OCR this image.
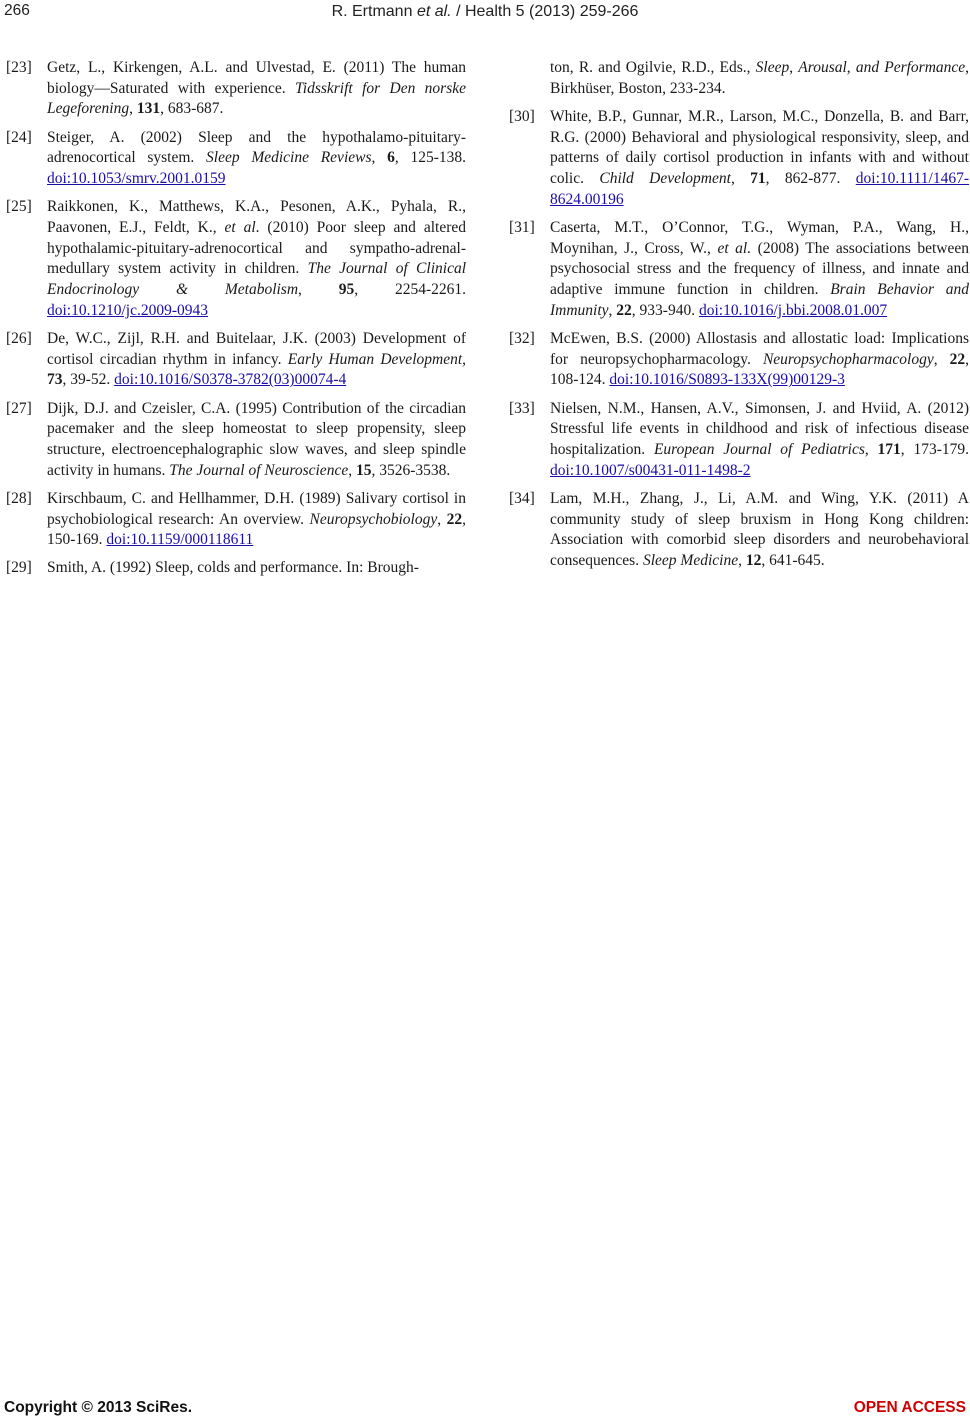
266	R. Ertmann et al. / Health 5 (2013) 259-266
[23] Getz, L., Kirkengen, A.L. and Ulvestad, E. (2011) The human biology—Saturated with experience. Tidsskrift for Den norske Legeforening, 131, 683-687.
[24] Steiger, A. (2002) Sleep and the hypothalamo-pituitary-adrenocortical system. Sleep Medicine Reviews, 6, 125-138. doi:10.1053/smrv.2001.0159
[25] Raikkonen, K., Matthews, K.A., Pesonen, A.K., Pyhala, R., Paavonen, E.J., Feldt, K., et al. (2010) Poor sleep and altered hypothalamic-pituitary-adrenocortical and sympatho-adrenal-medullary system activity in children. The Journal of Clinical Endocrinology & Metabolism, 95, 2254-2261. doi:10.1210/jc.2009-0943
[26] De, W.C., Zijl, R.H. and Buitelaar, J.K. (2003) Development of cortisol circadian rhythm in infancy. Early Human Development, 73, 39-52. doi:10.1016/S0378-3782(03)00074-4
[27] Dijk, D.J. and Czeisler, C.A. (1995) Contribution of the circadian pacemaker and the sleep homeostat to sleep propensity, sleep structure, electroencephalographic slow waves, and sleep spindle activity in humans. The Journal of Neuroscience, 15, 3526-3538.
[28] Kirschbaum, C. and Hellhammer, D.H. (1989) Salivary cortisol in psychobiological research: An overview. Neuropsychobiology, 22, 150-169. doi:10.1159/000118611
[29] Smith, A. (1992) Sleep, colds and performance. In: Brough-
ton, R. and Ogilvie, R.D., Eds., Sleep, Arousal, and Performance, Birkhüser, Boston, 233-234.
[30] White, B.P., Gunnar, M.R., Larson, M.C., Donzella, B. and Barr, R.G. (2000) Behavioral and physiological responsivity, sleep, and patterns of daily cortisol production in infants with and without colic. Child Development, 71, 862-877. doi:10.1111/1467-8624.00196
[31] Caserta, M.T., O’Connor, T.G., Wyman, P.A., Wang, H., Moynihan, J., Cross, W., et al. (2008) The associations between psychosocial stress and the frequency of illness, and innate and adaptive immune function in children. Brain Behavior and Immunity, 22, 933-940. doi:10.1016/j.bbi.2008.01.007
[32] McEwen, B.S. (2000) Allostasis and allostatic load: Implications for neuropsychopharmacology. Neuropsychopharmacology, 22, 108-124. doi:10.1016/S0893-133X(99)00129-3
[33] Nielsen, N.M., Hansen, A.V., Simonsen, J. and Hviid, A. (2012) Stressful life events in childhood and risk of infectious disease hospitalization. European Journal of Pediatrics, 171, 173-179. doi:10.1007/s00431-011-1498-2
[34] Lam, M.H., Zhang, J., Li, A.M. and Wing, Y.K. (2011) A community study of sleep bruxism in Hong Kong children: Association with comorbid sleep disorders and neurobehavioral consequences. Sleep Medicine, 12, 641-645.
Copyright © 2013 SciRes.	OPEN ACCESS
